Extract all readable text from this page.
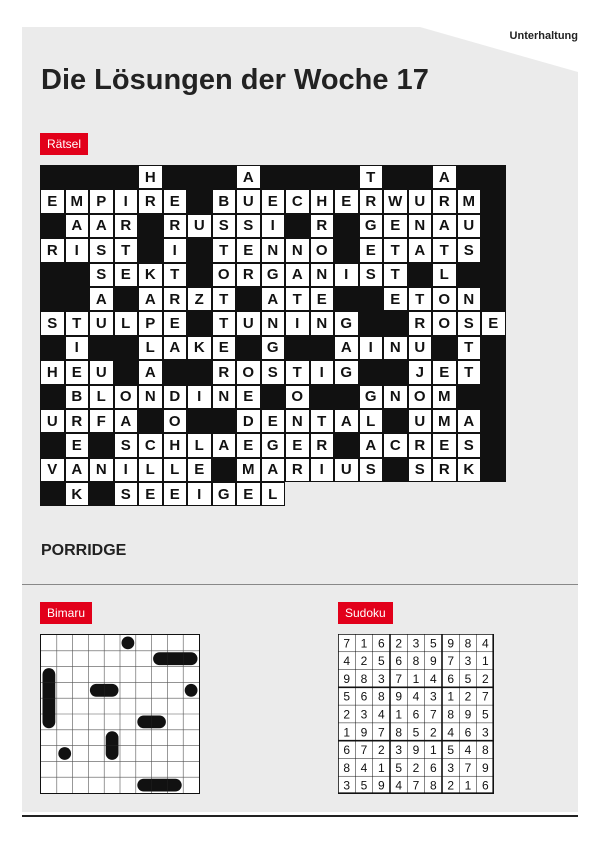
Unterhaltung
Die Lösungen der Woche 17
Rätsel
H	A	T	A
E M P	I	R E	B U E C H E R W U R M
A A R	R U S S	I	R	G E N A U
R	I	S T	I	T E N N O	E T A T S
S E K T	O R G A N	I	S T	L
A	A R Z	T	A T E	E T O N
S T U L P E	T U N	I	N G	R O S E
I	L A K E	G	A	I	N U	T
H E U	A	R O S T	I	G	J	E T
B L O N D	I	N E	O	G N O M
U R F A	O	D E N T A L	U M A
E	S C H L A E G E R	A C R E S
V A N	I	L	L E	M A R	I	U S	S R K
K	S E E	I	G E L

PORRIDGE

Bimaru	Sudoku
7 1 6 2 3 5 9 8 4
4 2 5 6 8 9 7 3 1
9 8 3 7 1 4 6 5 2
5 6 8 9 4 3 1 2 7
2 3 4 1 6 7 8 9 5
1 9 7 8 5 2 4 6 3
6 7 2 3 9 1 5 4 8
8 4 1 5 2 6 3 7 9
3 5 9 4 7 8 2 1 6
